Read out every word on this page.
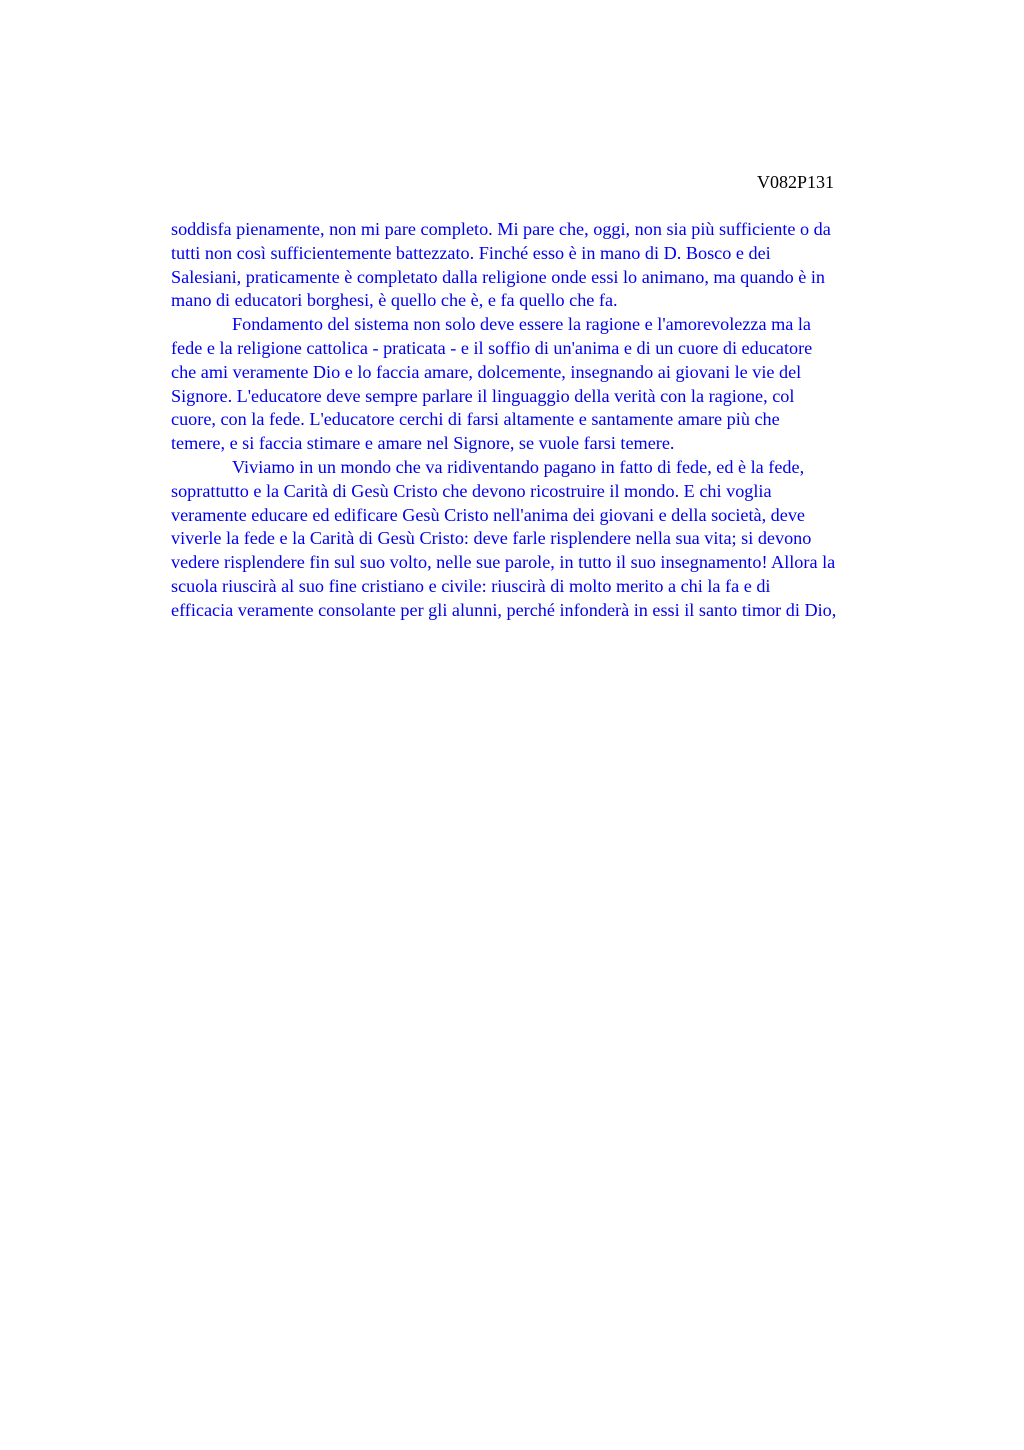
V082P131
soddisfa pienamente, non mi pare completo. Mi pare che, oggi, non sia più sufficiente o da
tutti non così sufficientemente battezzato. Finché esso è in mano di D. Bosco e dei
Salesiani, praticamente è completato dalla religione onde essi lo animano, ma quando è in
mano di educatori borghesi, è quello che è, e fa quello che fa.
Fondamento del sistema non solo deve essere la ragione e l'amorevolezza ma la
fede e la religione cattolica - praticata - e il soffio di un'anima e di un cuore di educatore
che ami veramente Dio e lo faccia amare, dolcemente, insegnando ai giovani le vie del
Signore. L'educatore deve sempre parlare il linguaggio della verità con la ragione, col
cuore, con la fede. L'educatore cerchi di farsi altamente e santamente amare più che
temere, e si faccia stimare e amare nel Signore, se vuole farsi temere.
Viviamo in un mondo che va ridiventando pagano in fatto di fede, ed è la fede,
soprattutto e la Carità di Gesù Cristo che devono ricostruire il mondo. E chi voglia
veramente educare ed edificare Gesù Cristo nell'anima dei giovani e della società, deve
viverle la fede e la Carità di Gesù Cristo: deve farle risplendere nella sua vita; si devono
vedere risplendere fin sul suo volto, nelle sue parole, in tutto il suo insegnamento! Allora la
scuola riuscirà al suo fine cristiano e civile: riuscirà di molto merito a chi la fa e di
efficacia veramente consolante per gli alunni, perché infonderà in essi il santo timor di Dio,
